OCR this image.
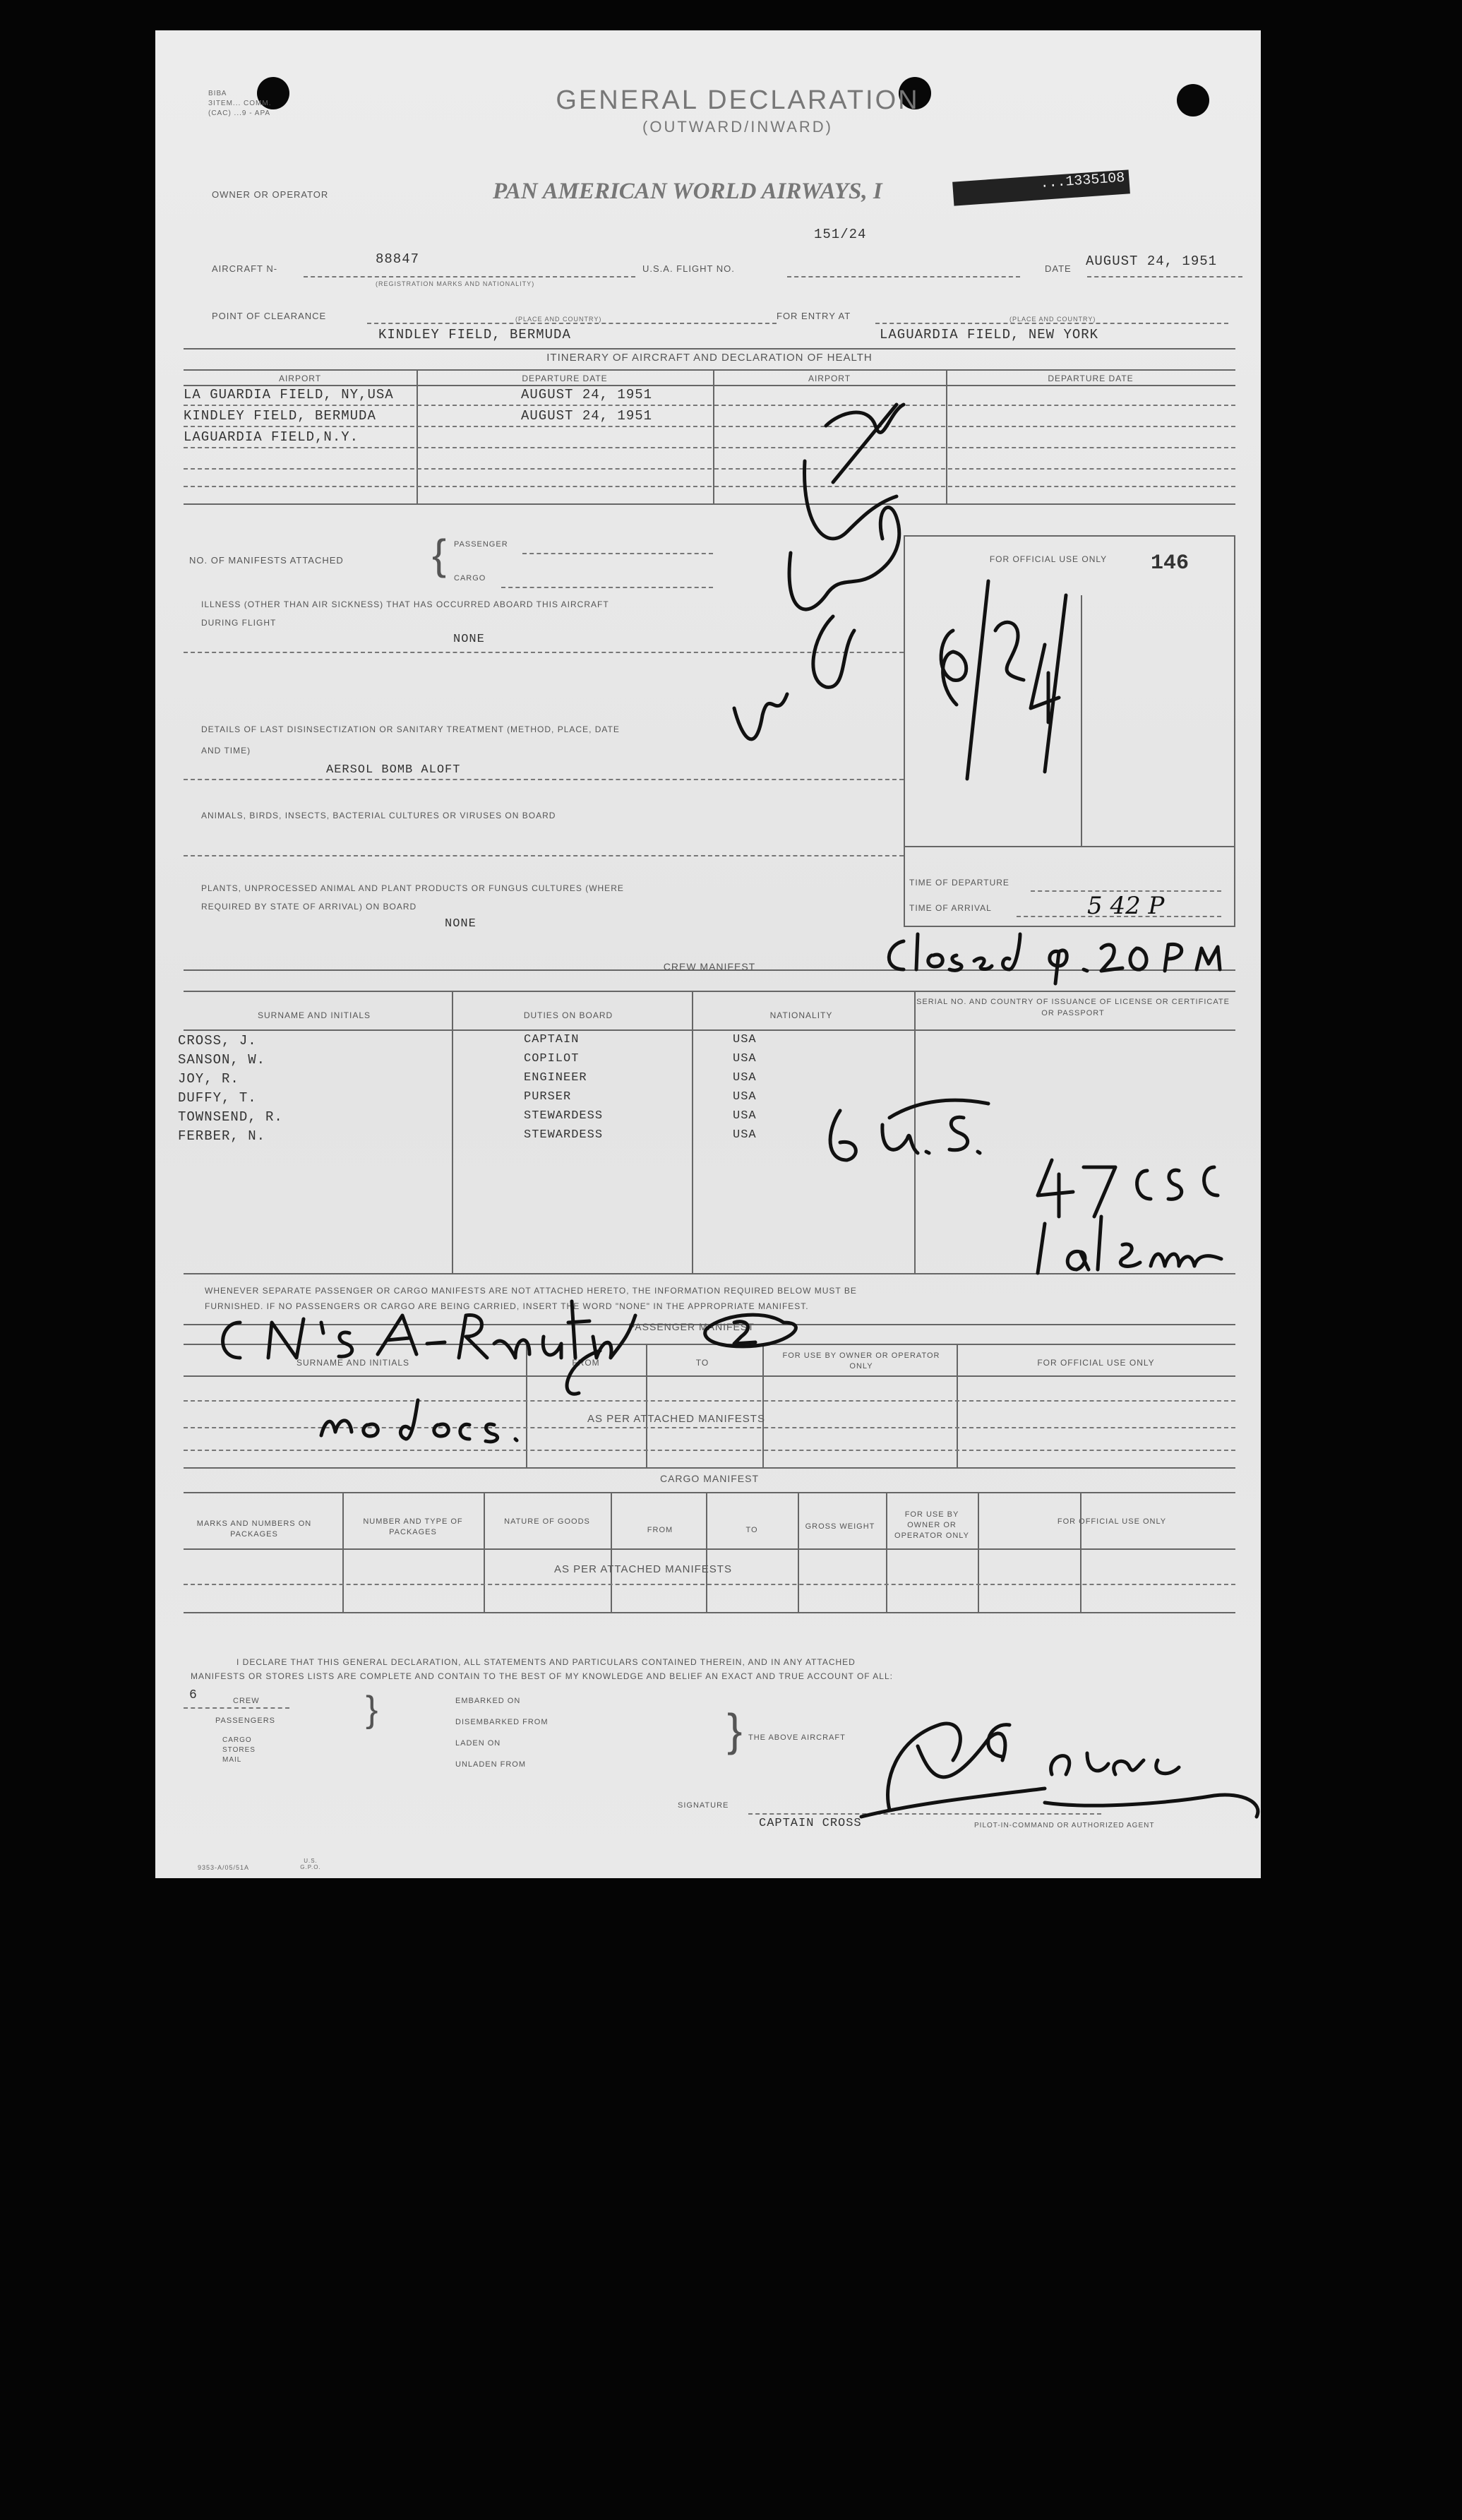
ВІВА
ЗІТЕМ... COMM.
(CAC) ...9 - APA	GENERAL DECLARATION
(OUTWARD/INWARD)
OWNER OR OPERATOR	PAN AMERICAN WORLD AIRWAYS, I	...1335108
AIRCRAFT N-
88847
(REGISTRATION MARKS AND NATIONALITY)
U.S.A. FLIGHT NO.
151/24
DATE AUGUST 24, 1951
POINT OF CLEARANCE	(PLACE AND COUNTRY)
KINDLEY FIELD, BERMUDA
FOR ENTRY AT	(PLACE AND COUNTRY)
LAGUARDIA FIELD, NEW YORK
ITINERARY OF AIRCRAFT AND DECLARATION OF HEALTH
AIRPORT	DEPARTURE DATE	AIRPORT	DEPARTURE DATE
LA GUARDIA FIELD, NY,USA	AUGUST 24, 1951
KINDLEY FIELD, BERMUDA	AUGUST 24, 1951
LAGUARDIA FIELD,N.Y.
NO. OF MANIFESTS ATTACHED { PASSENGER
CARGO
ILLNESS (OTHER THAN AIR SICKNESS) THAT HAS OCCURRED ABOARD THIS AIRCRAFT
DURING FLIGHT
NONE
DETAILS OF LAST DISINSECTIZATION OR SANITARY TREATMENT (METHOD, PLACE, DATE
AND TIME)
AERSOL BOMB ALOFT
ANIMALS, BIRDS, INSECTS, BACTERIAL CULTURES OR VIRUSES ON BOARD
PLANTS, UNPROCESSED ANIMAL AND PLANT PRODUCTS OR FUNGUS CULTURES (WHERE
REQUIRED BY STATE OF ARRIVAL) ON BOARD
NONE
FOR OFFICIAL USE ONLY	146
TIME OF DEPARTURE
TIME OF ARRIVAL	5 42 P
CREW MANIFEST
SURNAME AND INITIALS	DUTIES ON BOARD	NATIONALITY
SERIAL NO. AND COUNTRY OF ISSUANCE OF LICENSE OR CERTIFICATE OR PASSPORT
CROSS, J.	CAPTAIN	USA
SANSON, W.	COPILOT	USA
JOY, R.	ENGINEER	USA
DUFFY, T.	PURSER	USA
TOWNSEND, R.	STEWARDESS	USA
FERBER, N.	STEWARDESS	USA
WHENEVER SEPARATE PASSENGER OR CARGO MANIFESTS ARE NOT ATTACHED HERETO, THE INFORMATION REQUIRED BELOW MUST BE
FURNISHED. IF NO PASSENGERS OR CARGO ARE BEING CARRIED, INSERT THE WORD "NONE" IN THE APPROPRIATE MANIFEST.
PASSENGER MANIFEST
SURNAME AND INITIALS	FROM	TO
FOR USE BY OWNER OR OPERATOR ONLY	FOR OFFICIAL USE ONLY
AS PER ATTACHED MANIFESTS
CARGO MANIFEST
MARKS AND NUMBERS ON PACKAGES
NUMBER AND TYPE OF PACKAGES
NATURE OF GOODS
FROM	TO	GROSS WEIGHT
FOR USE BY OWNER OR OPERATOR ONLY
FOR OFFICIAL USE ONLY
AS PER ATTACHED MANIFESTS
I DECLARE THAT THIS GENERAL DECLARATION, ALL STATEMENTS AND PARTICULARS CONTAINED THEREIN, AND IN ANY ATTACHED
MANIFESTS OR STORES LISTS ARE COMPLETE AND CONTAIN TO THE BEST OF MY KNOWLEDGE AND BELIEF AN EXACT AND TRUE ACCOUNT OF ALL:
6	CREW
PASSENGERS
CARGO
STORES
MAIL
}	EMBARKED ON
DISEMBARKED FROM
LADEN ON
UNLADEN FROM
} THE ABOVE AIRCRAFT
SIGNATURE
CAPTAIN CROSS	PILOT-IN-COMMAND OR AUTHORIZED AGENT
9353-A/05/51A
U.S. G.P.O.
